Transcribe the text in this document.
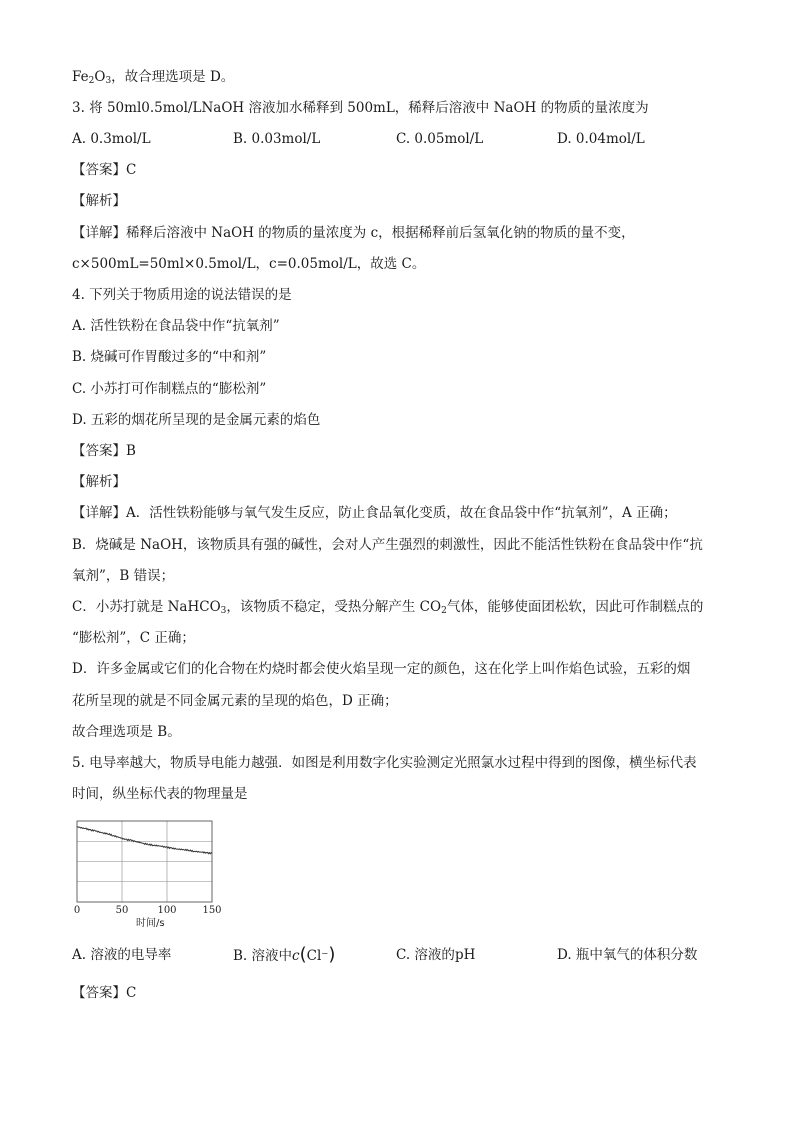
$Fe_2O_3$，故合理选项是 D。
3. 将 50ml0.5mol/LNaOH 溶液加水稀释到 500mL，稀释后溶液中 NaOH 的物质的量浓度为
A. 0.3mol/L	B. 0.03mol/L	C. 0.05mol/L	D. 0.04mol/L
【答案】C
【解析】
【详解】稀释后溶液中 NaOH 的物质的量浓度为 c，根据稀释前后氢氧化钠的物质的量不变，
c×500mL=50ml×0.5mol/L，c=0.05mol/L，故选 C。
4. 下列关于物质用途的说法错误的是
A. 活性铁粉在食品袋中作“抗氧剂”
B. 烧碱可作胃酸过多的“中和剂”
C. 小苏打可作制糕点的“膨松剂”
D. 五彩的烟花所呈现的是金属元素的焰色
【答案】B
【解析】
【详解】A．活性铁粉能够与氧气发生反应，防止食品氧化变质，故在食品袋中作“抗氧剂”，A 正确；
B．烧碱是 NaOH，该物质具有强的碱性，会对人产生强烈的刺激性，因此不能活性铁粉在食品袋中作“抗
氧剂”，B 错误；
C．小苏打就是 NaHCO$_3$，该物质不稳定，受热分解产生 $CO_2$气体，能够使面团松软，因此可作制糕点的
“膨松剂”，C 正确；
D．许多金属或它们的化合物在灼烧时都会使火焰呈现一定的颜色，这在化学上叫作焰色试验，五彩的烟
花所呈现的就是不同金属元素的呈现的焰色，D 正确；
故合理选项是 B。
5. 电导率越大，物质导电能力越强．如图是利用数字化实验测定光照氯水过程中得到的图像，横坐标代表
时间，纵坐标代表的物理量是
0	50	100	150
时间/s
A. 溶液的电导率	B. 溶液中c(Cl⁻)	C. 溶液的pH	D. 瓶中氧气的体积分数
【答案】C
